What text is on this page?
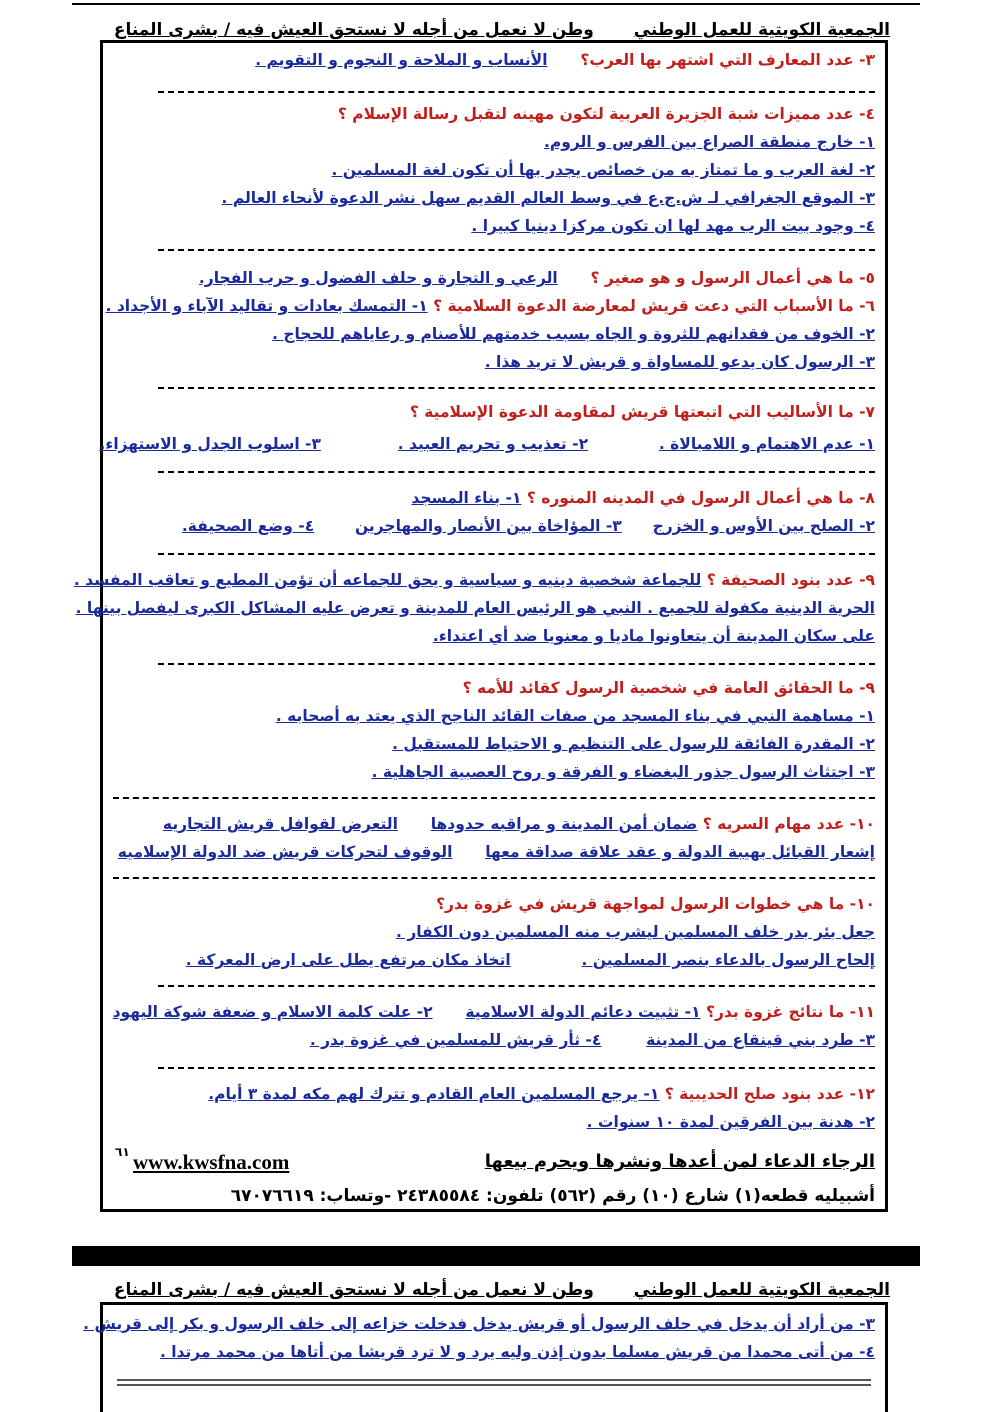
الجمعية الكويتية للعمل الوطني وطن لا نعمل من أجله لا نستحق العيش فيه / بشرى المناع
٣- عدد المعارف التي اشتهر بها العرب؟  الأنساب و الملاحة و النجوم و التقويم .
٤- عدد مميزات شبة الجزيرة العربية لتكون مهينه لتقبل رسالة الإسلام ؟
١- خارج منطقة الصراع بين الفرس و الروم.
٢- لغة العرب و ما تمتاز به من خصائص يجدر بها أن تكون لغة المسلمين .
٣- الموقع الجغرافي لـ ش.ج.ع في وسط العالم القديم سهل نشر الدعوة لأنحاء العالم .
٤- وجود بيت الرب مهد لها ان تكون مركزا دينيا كبيرا .
٥- ما هي أعمال الرسول و هو صغير ؟  الرعي و التجارة و حلف الفضول و حرب الفجار.
٦- ما الأسباب التي دعت قريش لمعارضة الدعوة السلامية ؟ ١- التمسك بعادات و تقاليد الآباء و الأجداد .
٢- الخوف من فقدانهم للثروة و الجاه بسبب خدمتهم للأصنام و رعاياهم للحجاج .
٣- الرسول كان يدعو للمساواة و قريش لا تريد هذا .
٧- ما الأساليب التي اتبعتها قريش لمقاومة الدعوة الإسلامية ؟
١- عدم الاهتمام و اللامبالاة .  ٢- تعذيب و تحريم العبيد .  ٣- اسلوب الجدل و الاستهزاء.
٨- ما هي أعمال الرسول في المدينه المنوره ؟ ١- بناء المسجد
٢- الصلح بين الأوس و الخزرج  ٣- المؤاخاة بين الأنصار والمهاجرين  ٤- وضع الصحيفة.
٩- عدد بنود الصحيفة ؟ للجماعة شخصية دينيه و سياسية و يحق للجماعه أن تؤمن المطيع و تعاقب المفسد .
الحرية الدينية مكفولة للجميع . النبي هو الرئيس العام للمدينة و تعرض عليه المشاكل الكبرى ليفصل بينها .
على سكان المدينة أن يتعاونوا ماديا و معنويا ضد أي اعتداء.
٩- ما الحقائق العامة في شخصية الرسول كقائد للأمه ؟
١- مساهمة النبي في بناء المسجد من صفات القائد الناجح الذي يعتد به أصحابه .
٢- المقدرة الفائقة للرسول على التنظيم و الاحتياط للمستقبل .
٣- اجتثاث الرسول جذور البغضاء و الفرقة و روح العصبية الجاهلية .
١٠- عدد مهام السريه ؟ ضمان أمن المدينة و مراقبه حدودها  التعرض لقوافل قريش التجاريه
إشعار القبائل بهيبة الدولة و عقد علاقة صداقة معها  الوقوف لتحركات قريش ضد الدولة الإسلاميه
١٠- ما هي خطوات الرسول لمواجهة قريش في غزوة بدر؟
جعل بئر بدر خلف المسلمين ليشرب منه المسلمين دون الكفار .
إلحاح الرسول بالدعاء بنصر المسلمين .  اتخاذ مكان مرتفع يطل على ارض المعركة .
١١- ما نتائج غزوة بدر؟ ١- تثبيت دعائم الدولة الاسلامية  ٢- علت كلمة الاسلام و ضعفة شوكة اليهود
٣- طرد بني قينقاع من المدينة  ٤- ثأر قريش للمسلمين في غزوة بدر .
١٢- عدد بنود صلح الحديبية ؟ ١- يرجع المسلمين العام القادم و تترك لهم مكه لمدة ٣ أيام.
٢- هدنة بين الفرقين لمدة ١٠ سنوات .
الرجاء الدعاء لمن أعدها ونشرها ويحرم بيعها
www.kwsfna.com
٦١
أشبيليه قطعه(١) شارع (١٠) رقم (٥٦٢) تلفون: ٢٤٣٨٥٥٨٤ -وتساب: ٦٧٠٧٦٦١٩
الجمعية الكويتية للعمل الوطني وطن لا نعمل من أجله لا نستحق العيش فيه / بشرى المناع
٣- من أراد أن يدخل في حلف الرسول أو قريش يدخل فدخلت خزاعه إلى خلف الرسول و بكر إلى قريش .
٤- من أتى محمدا من قريش مسلما بدون إذن وليه يرد و لا ترد قريشا من أتاها من محمد مرتدا .
